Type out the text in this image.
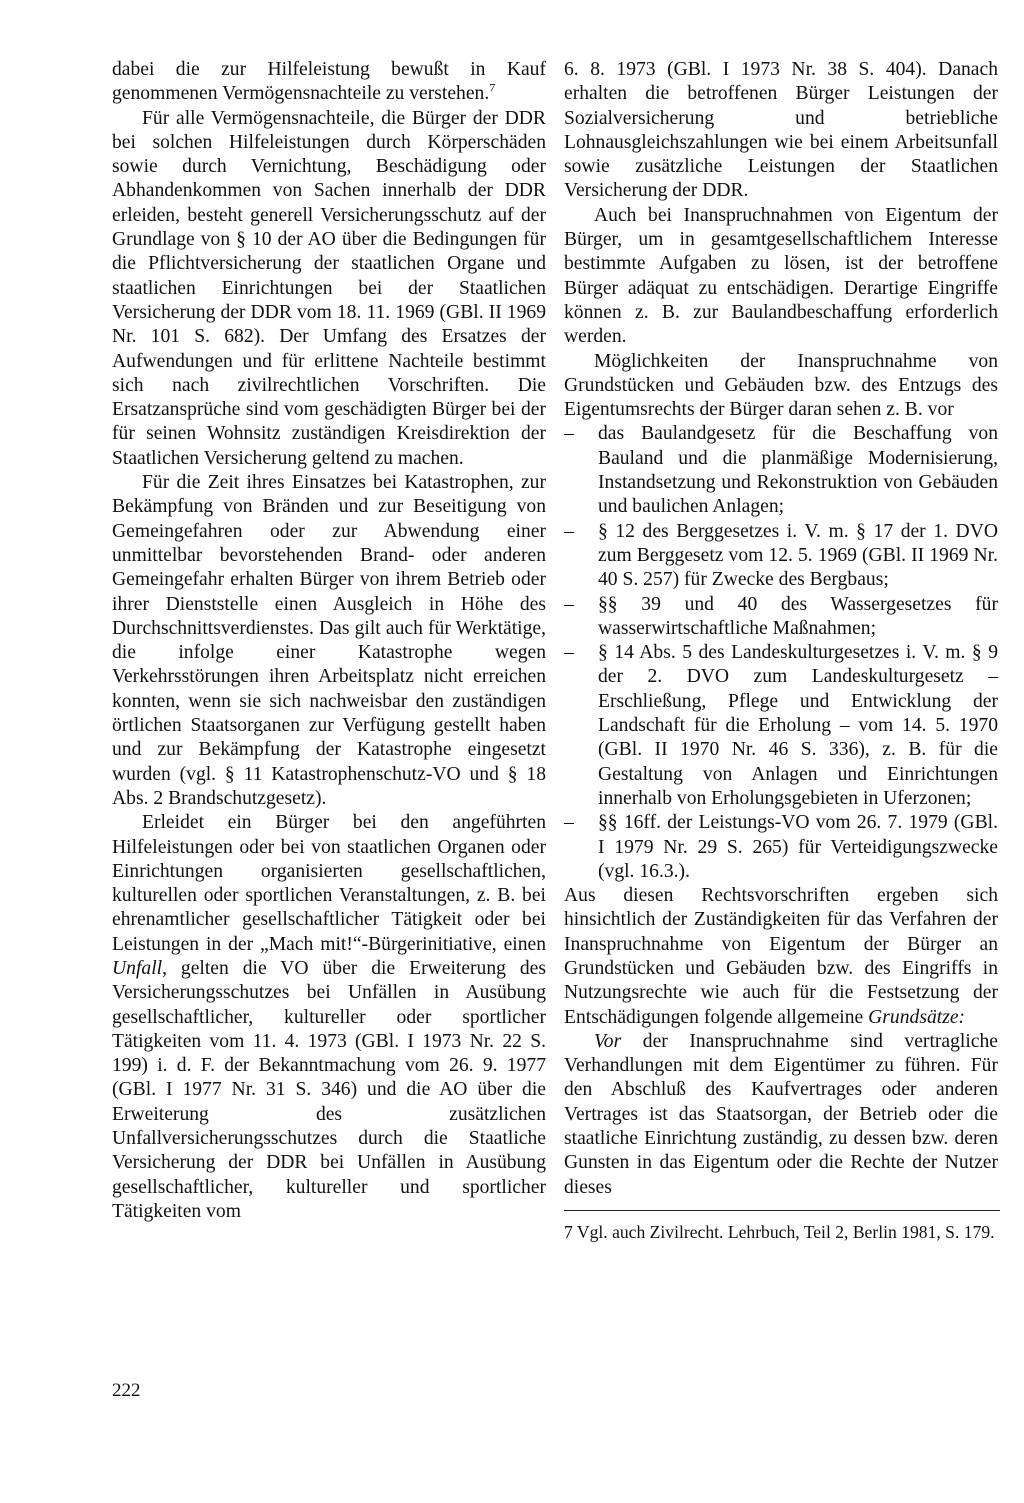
dabei die zur Hilfeleistung bewußt in Kauf genommenen Vermögensnachteile zu verstehen.$^7$

Für alle Vermögensnachteile, die Bürger der DDR bei solchen Hilfeleistungen durch Körperschäden sowie durch Vernichtung, Beschädigung oder Abhandenkommen von Sachen innerhalb der DDR erleiden, besteht generell Versicherungsschutz auf der Grundlage von § 10 der AO über die Bedingungen für die Pflichtversicherung der staatlichen Organe und staatlichen Einrichtungen bei der Staatlichen Versicherung der DDR vom 18. 11. 1969 (GBl. II 1969 Nr. 101 S. 682). Der Umfang des Ersatzes der Aufwendungen und für erlittene Nachteile bestimmt sich nach zivilrechtlichen Vorschriften. Die Ersatzansprüche sind vom geschädigten Bürger bei der für seinen Wohnsitz zuständigen Kreisdirektion der Staatlichen Versicherung geltend zu machen.

Für die Zeit ihres Einsatzes bei Katastrophen, zur Bekämpfung von Bränden und zur Beseitigung von Gemeingefahren oder zur Abwendung einer unmittelbar bevorstehenden Brand- oder anderen Gemeingefahr erhalten Bürger von ihrem Betrieb oder ihrer Dienststelle einen Ausgleich in Höhe des Durchschnittsverdienstes. Das gilt auch für Werktätige, die infolge einer Katastrophe wegen Verkehrsstörungen ihren Arbeitsplatz nicht erreichen konnten, wenn sie sich nachweisbar den zuständigen örtlichen Staatsorganen zur Verfügung gestellt haben und zur Bekämpfung der Katastrophe eingesetzt wurden (vgl. § 11 Katastrophenschutz-VO und § 18 Abs. 2 Brandschutzgesetz).

Erleidet ein Bürger bei den angeführten Hilfeleistungen oder bei von staatlichen Organen oder Einrichtungen organisierten gesellschaftlichen, kulturellen oder sportlichen Veranstaltungen, z. B. bei ehrenamtlicher gesellschaftlicher Tätigkeit oder bei Leistungen in der „Mach mit!“-Bürgerinitiative, einen Unfall, gelten die VO über die Erweiterung des Versicherungsschutzes bei Unfällen in Ausübung gesellschaftlicher, kultureller oder sportlicher Tätigkeiten vom 11. 4. 1973 (GBl. I 1973 Nr. 22 S. 199) i. d. F. der Bekanntmachung vom 26. 9. 1977 (GBl. I 1977 Nr. 31 S. 346) und die AO über die Erweiterung des zusätzlichen Unfallversicherungsschutzes durch die Staatliche Versicherung der DDR bei Unfällen in Ausübung gesellschaftlicher, kultureller und sportlicher Tätigkeiten vom

6. 8. 1973 (GBl. I 1973 Nr. 38 S. 404). Danach erhalten die betroffenen Bürger Leistungen der Sozialversicherung und betriebliche Lohnausgleichszahlungen wie bei einem Arbeitsunfall sowie zusätzliche Leistungen der Staatlichen Versicherung der DDR.

Auch bei Inanspruchnahmen von Eigentum der Bürger, um in gesamtgesellschaftlichem Interesse bestimmte Aufgaben zu lösen, ist der betroffene Bürger adäquat zu entschädigen. Derartige Eingriffe können z. B. zur Baulandbeschaffung erforderlich werden.

Möglichkeiten der Inanspruchnahme von Grundstücken und Gebäuden bzw. des Entzugs des Eigentumsrechts der Bürger daran sehen z. B. vor

– das Baulandgesetz für die Beschaffung von Bauland und die planmäßige Modernisierung, Instandsetzung und Rekonstruktion von Gebäuden und baulichen Anlagen;
– § 12 des Berggesetzes i. V. m. § 17 der 1. DVO zum Berggesetz vom 12. 5. 1969 (GBl. II 1969 Nr. 40 S. 257) für Zwecke des Bergbaus;
– §§ 39 und 40 des Wassergesetzes für wasserwirtschaftliche Maßnahmen;
– § 14 Abs. 5 des Landeskulturgesetzes i. V. m. § 9 der 2. DVO zum Landeskulturgesetz – Erschließung, Pflege und Entwicklung der Landschaft für die Erholung – vom 14. 5. 1970 (GBl. II 1970 Nr. 46 S. 336), z. B. für die Gestaltung von Anlagen und Einrichtungen innerhalb von Erholungsgebieten in Uferzonen;
– §§ 16ff. der Leistungs-VO vom 26. 7. 1979 (GBl. I 1979 Nr. 29 S. 265) für Verteidigungszwecke (vgl. 16.3.).

Aus diesen Rechtsvorschriften ergeben sich hinsichtlich der Zuständigkeiten für das Verfahren der Inanspruchnahme von Eigentum der Bürger an Grundstücken und Gebäuden bzw. des Eingriffs in Nutzungsrechte wie auch für die Festsetzung der Entschädigungen folgende allgemeine Grundsätze:

Vor der Inanspruchnahme sind vertragliche Verhandlungen mit dem Eigentümer zu führen. Für den Abschluß des Kaufvertrages oder anderen Vertrages ist das Staatsorgan, der Betrieb oder die staatliche Einrichtung zuständig, zu dessen bzw. deren Gunsten in das Eigentum oder die Rechte der Nutzer dieses

7 Vgl. auch Zivilrecht. Lehrbuch, Teil 2, Berlin 1981, S. 179.

222
